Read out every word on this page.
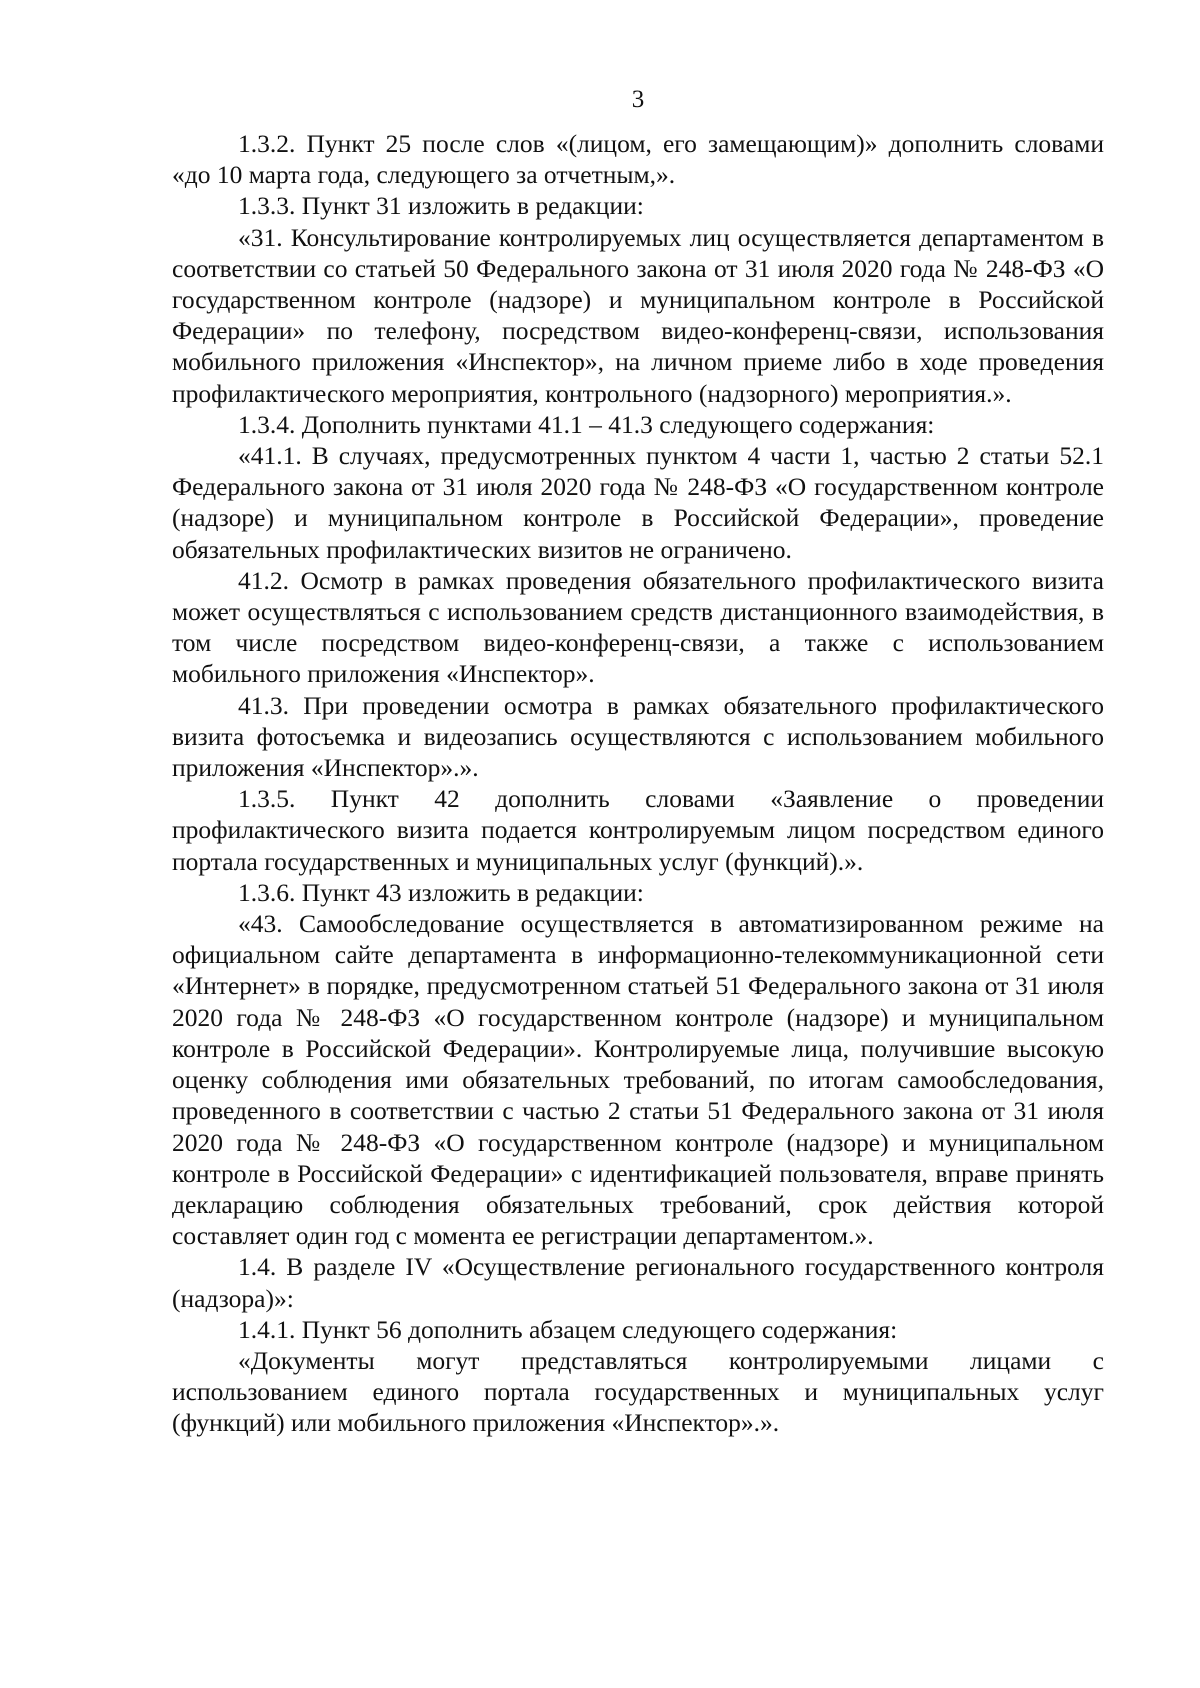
3

1.3.2. Пункт 25 после слов «(лицом, его замещающим)» дополнить словами «до 10 марта года, следующего за отчетным,».

1.3.3. Пункт 31 изложить в редакции:

«31. Консультирование контролируемых лиц осуществляется департаментом в соответствии со статьей 50 Федерального закона от 31 июля 2020 года № 248-ФЗ «О государственном контроле (надзоре) и муниципальном контроле в Российской Федерации» по телефону, посредством видео-конференц-связи, использования мобильного приложения «Инспектор», на личном приеме либо в ходе проведения профилактического мероприятия, контрольного (надзорного) мероприятия.».

1.3.4. Дополнить пунктами 41.1 – 41.3 следующего содержания:

«41.1. В случаях, предусмотренных пунктом 4 части 1, частью 2 статьи 52.1 Федерального закона от 31 июля 2020 года № 248-ФЗ «О государственном контроле (надзоре) и муниципальном контроле в Российской Федерации», проведение обязательных профилактических визитов не ограничено.

41.2. Осмотр в рамках проведения обязательного профилактического визита может осуществляться с использованием средств дистанционного взаимодействия, в том числе посредством видео-конференц-связи, а также с использованием мобильного приложения «Инспектор».

41.3. При проведении осмотра в рамках обязательного профилактического визита фотосъемка и видеозапись осуществляются с использованием мобильного приложения «Инспектор».».

1.3.5. Пункт 42 дополнить словами «Заявление о проведении профилактического визита подается контролируемым лицом посредством единого портала государственных и муниципальных услуг (функций).».

1.3.6. Пункт 43 изложить в редакции:

«43. Самообследование осуществляется в автоматизированном режиме на официальном сайте департамента в информационно-телекоммуникационной сети «Интернет» в порядке, предусмотренном статьей 51 Федерального закона от 31 июля 2020 года № 248-ФЗ «О государственном контроле (надзоре) и муниципальном контроле в Российской Федерации». Контролируемые лица, получившие высокую оценку соблюдения ими обязательных требований, по итогам самообследования, проведенного в соответствии с частью 2 статьи 51 Федерального закона от 31 июля 2020 года № 248-ФЗ «О государственном контроле (надзоре) и муниципальном контроле в Российской Федерации» с идентификацией пользователя, вправе принять декларацию соблюдения обязательных требований, срок действия которой составляет один год с момента ее регистрации департаментом.».

1.4. В разделе IV «Осуществление регионального государственного контроля (надзора)»:

1.4.1. Пункт 56 дополнить абзацем следующего содержания:

«Документы могут представляться контролируемыми лицами с использованием единого портала государственных и муниципальных услуг (функций) или мобильного приложения «Инспектор».».
